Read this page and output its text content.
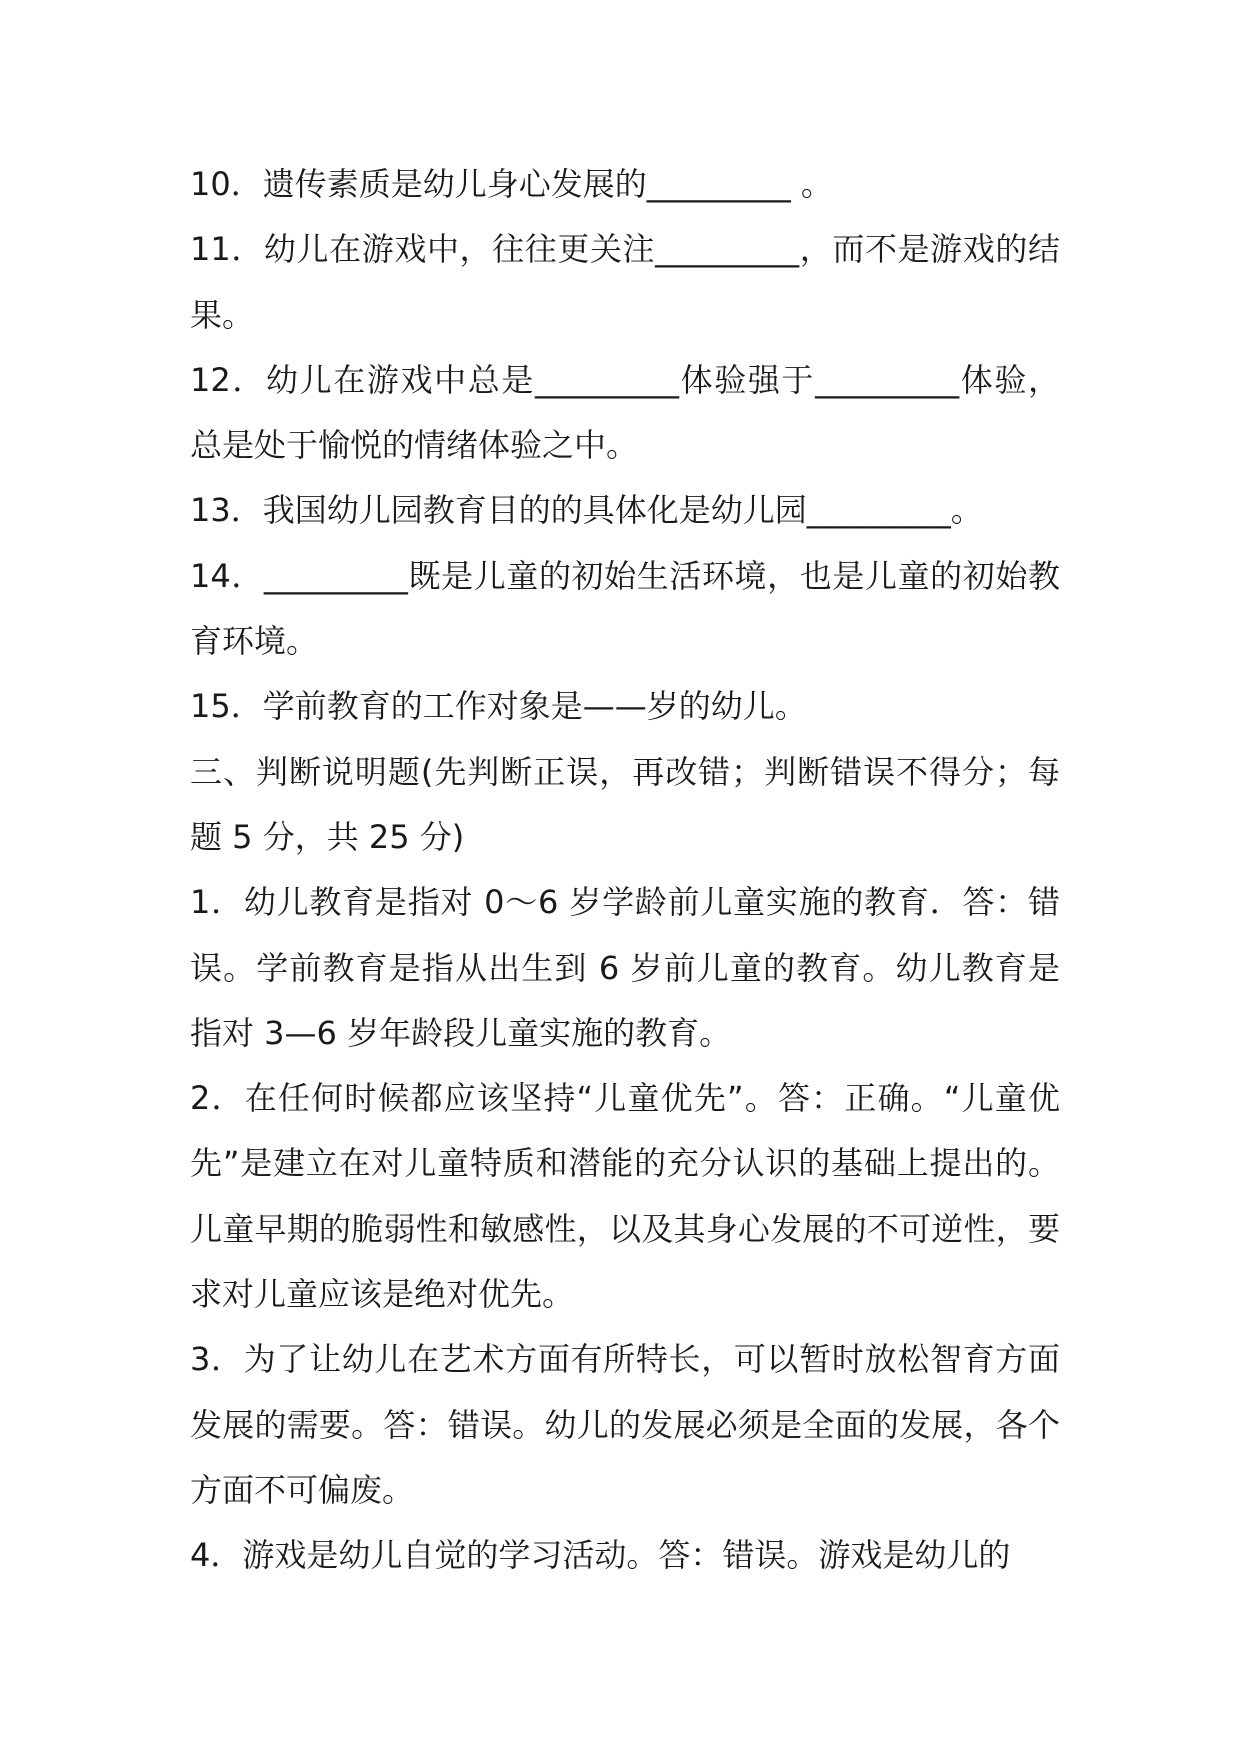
10．遗传素质是幼儿身心发展的_________ 。

11．幼儿在游戏中，往往更关注_________，而不是游戏的结果。

12．幼儿在游戏中总是_________体验强于_________体验，总是处于愉悦的情绪体验之中。

13．我国幼儿园教育目的的具体化是幼儿园_________。

14．_________既是儿童的初始生活环境，也是儿童的初始教育环境。

15．学前教育的工作对象是——岁的幼儿。

三、判断说明题(先判断正误，再改错；判断错误不得分；每题 5 分，共 25 分)

1．幼儿教育是指对 0～6 岁学龄前儿童实施的教育．答：错误。学前教育是指从出生到 6 岁前儿童的教育。幼儿教育是指对 3—6 岁年龄段儿童实施的教育。

2．在任何时候都应该坚持“儿童优先”。答：正确。“儿童优先”是建立在对儿童特质和潜能的充分认识的基础上提出的。儿童早期的脆弱性和敏感性，以及其身心发展的不可逆性，要求对儿童应该是绝对优先。

3．为了让幼儿在艺术方面有所特长，可以暂时放松智育方面发展的需要。答：错误。幼儿的发展必须是全面的发展，各个方面不可偏废。

4．游戏是幼儿自觉的学习活动。答：错误。游戏是幼儿的
